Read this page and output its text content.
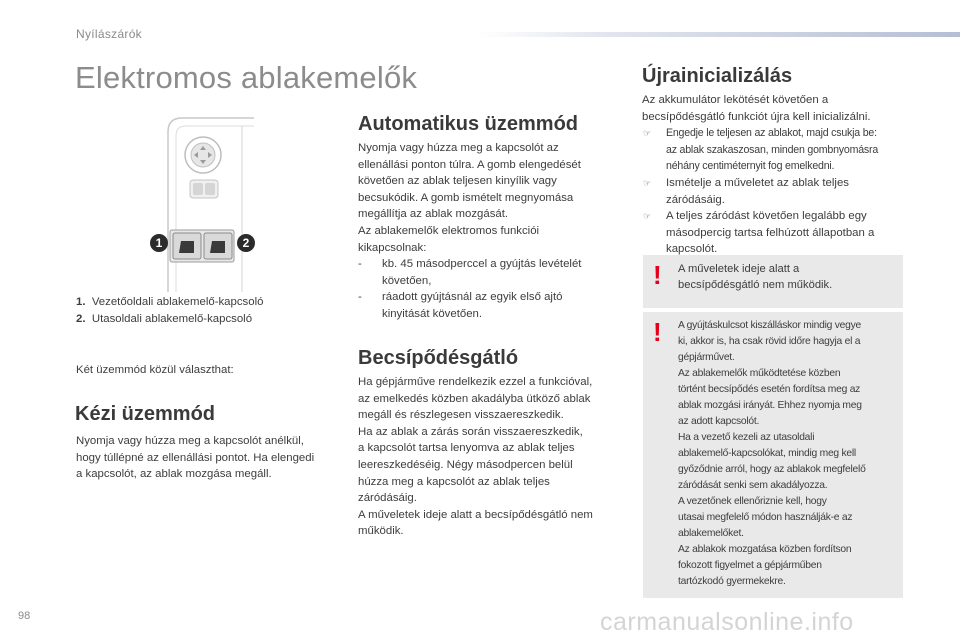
Nyílászárók
Elektromos ablakemelők
1	2
1. Vezetőoldali ablakemelő-kapcsoló
2. Utasoldali ablakemelő-kapcsoló
Két üzemmód közül választhat:
Kézi üzemmód

Nyomja vagy húzza meg a kapcsolót anélkül,

hogy túllépné az ellenállási pontot. Ha elengedi

a kapcsolót, az ablak mozgása megáll.

Automatikus üzemmód

Nyomja vagy húzza meg a kapcsolót az

ellenállási ponton túlra. A gomb elengedését

követően az ablak teljesen kinyílik vagy

becsukódik. A gomb ismételt megnyomása

megállítja az ablak mozgását.

Az ablakemelők elektromos funkciói

kikapcsolnak:

- kb. 45 másodperccel a gyújtás levételét
követően,
- ráadott gyújtásnál az egyik első ajtó
kinyitását követően.
Becsípődésgátló

Ha gépjárműve rendelkezik ezzel a funkcióval,

az emelkedés közben akadályba ütköző ablak

megáll és részlegesen visszaereszkedik.

Ha az ablak a zárás során visszaereszkedik,

a kapcsolót tartsa lenyomva az ablak teljes

leereszkedéséig. Négy másodpercen belül

húzza meg a kapcsolót az ablak teljes

záródásáig.

A műveletek ideje alatt a becsípődésgátló nem

működik.

Újrainicializálás

Az akkumulátor lekötését követően a

becsípődésgátló funkciót újra kell inicializálni.

☞ Engedje le teljesen az ablakot, majd csukja be:
az ablak szakaszosan, minden gombnyomásra
néhány centiméternyit fog emelkedni.
☞ Ismételje a műveletet az ablak teljes
záródásáig.
☞ A teljes záródást követően legalább egy
másodpercig tartsa felhúzott állapotban a
kapcsolót.
! A műveletek ideje alatt a

becsípődésgátló nem működik.

! A gyújtáskulcsot kiszálláskor mindig vegye

ki, akkor is, ha csak rövid időre hagyja el a

gépjárművet.

Az ablakemelők működtetése közben

történt becsípődés esetén fordítsa meg az

ablak mozgási irányát. Ehhez nyomja meg

az adott kapcsolót.

Ha a vezető kezeli az utasoldali

ablakemelő-kapcsolókat, mindig meg kell

győződnie arról, hogy az ablakok megfelelő

záródását senki sem akadályozza.

A vezetőnek ellenőriznie kell, hogy

utasai megfelelő módon használják-e az

ablakemelőket.

Az ablakok mozgatása közben fordítson

fokozott figyelmet a gépjárműben

tartózkodó gyermekekre.

98	carmanualsonline.info
